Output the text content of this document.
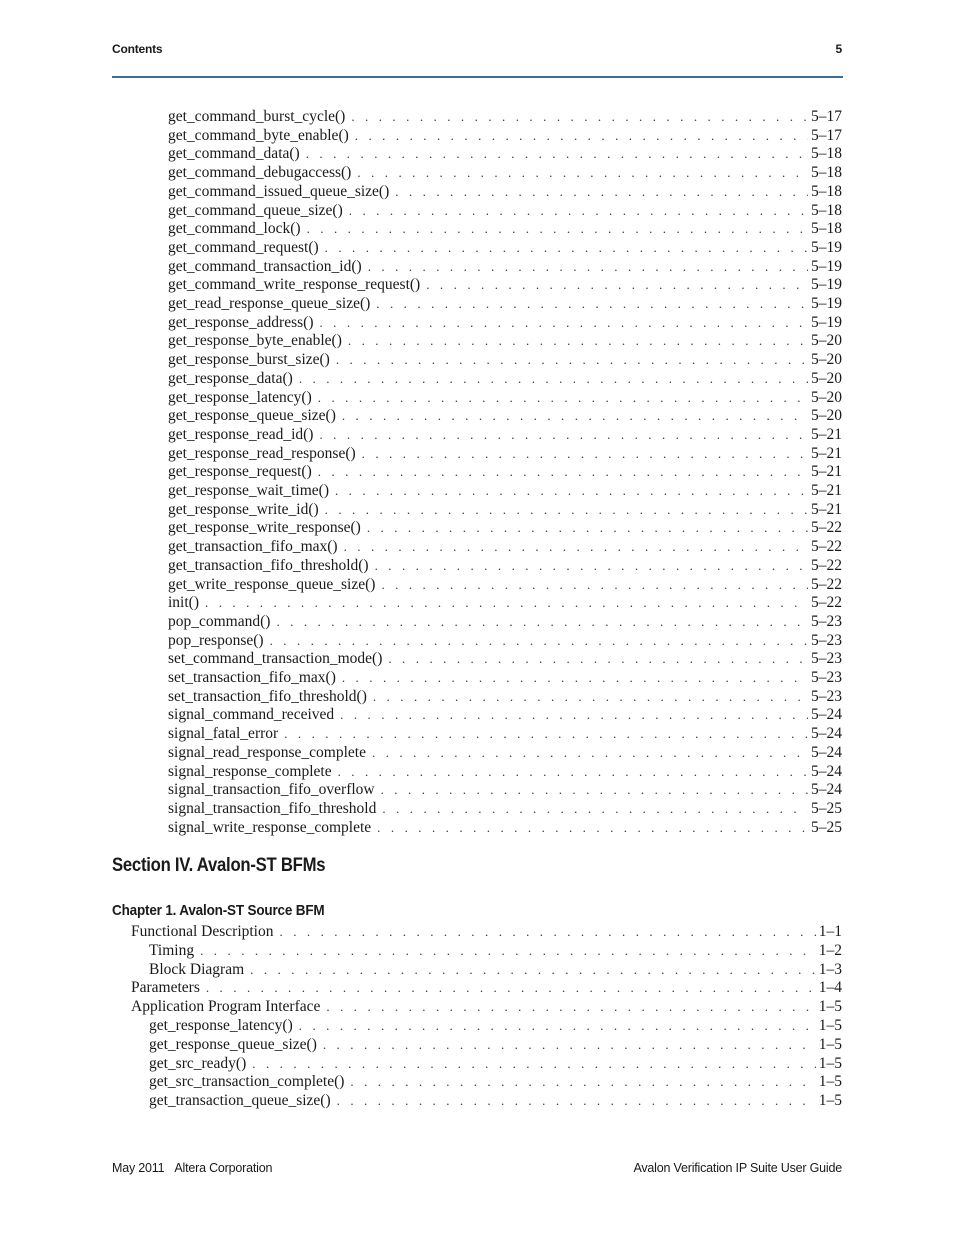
Contents	5
get_command_burst_cycle() . . .	5–17
get_command_byte_enable() . . .	5–17
get_command_data() . . .	5–18
get_command_debugaccess() . . .	5–18
get_command_issued_queue_size() . . .	5–18
get_command_queue_size() . . .	5–18
get_command_lock() . . .	5–18
get_command_request() . . .	5–19
get_command_transaction_id() . . .	5–19
get_command_write_response_request() . . .	5–19
get_read_response_queue_size() . . .	5–19
get_response_address() . . .	5–19
get_response_byte_enable() . . .	5–20
get_response_burst_size() . . .	5–20
get_response_data() . . .	5–20
get_response_latency() . . .	5–20
get_response_queue_size() . . .	5–20
get_response_read_id() . . .	5–21
get_response_read_response() . . .	5–21
get_response_request() . . .	5–21
get_response_wait_time() . . .	5–21
get_response_write_id() . . .	5–21
get_response_write_response() . . .	5–22
get_transaction_fifo_max() . . .	5–22
get_transaction_fifo_threshold() . . .	5–22
get_write_response_queue_size() . . .	5–22
init() . . .	5–22
pop_command() . . .	5–23
pop_response() . . .	5–23
set_command_transaction_mode() . . .	5–23
set_transaction_fifo_max() . . .	5–23
set_transaction_fifo_threshold() . . .	5–23
signal_command_received . . .	5–24
signal_fatal_error . . .	5–24
signal_read_response_complete . . .	5–24
signal_response_complete . . .	5–24
signal_transaction_fifo_overflow . . .	5–24
signal_transaction_fifo_threshold . . .	5–25
signal_write_response_complete . . .	5–25
Section IV. Avalon-ST BFMs
Chapter 1. Avalon-ST Source BFM
Functional Description . . .	1–1
Timing . . .	1–2
Block Diagram . . .	1–3
Parameters . . .	1–4
Application Program Interface . . .	1–5
get_response_latency() . . .	1–5
get_response_queue_size() . . .	1–5
get_src_ready() . . .	1–5
get_src_transaction_complete() . . .	1–5
get_transaction_queue_size() . . .	1–5
May 2011 Altera Corporation	Avalon Verification IP Suite User Guide
